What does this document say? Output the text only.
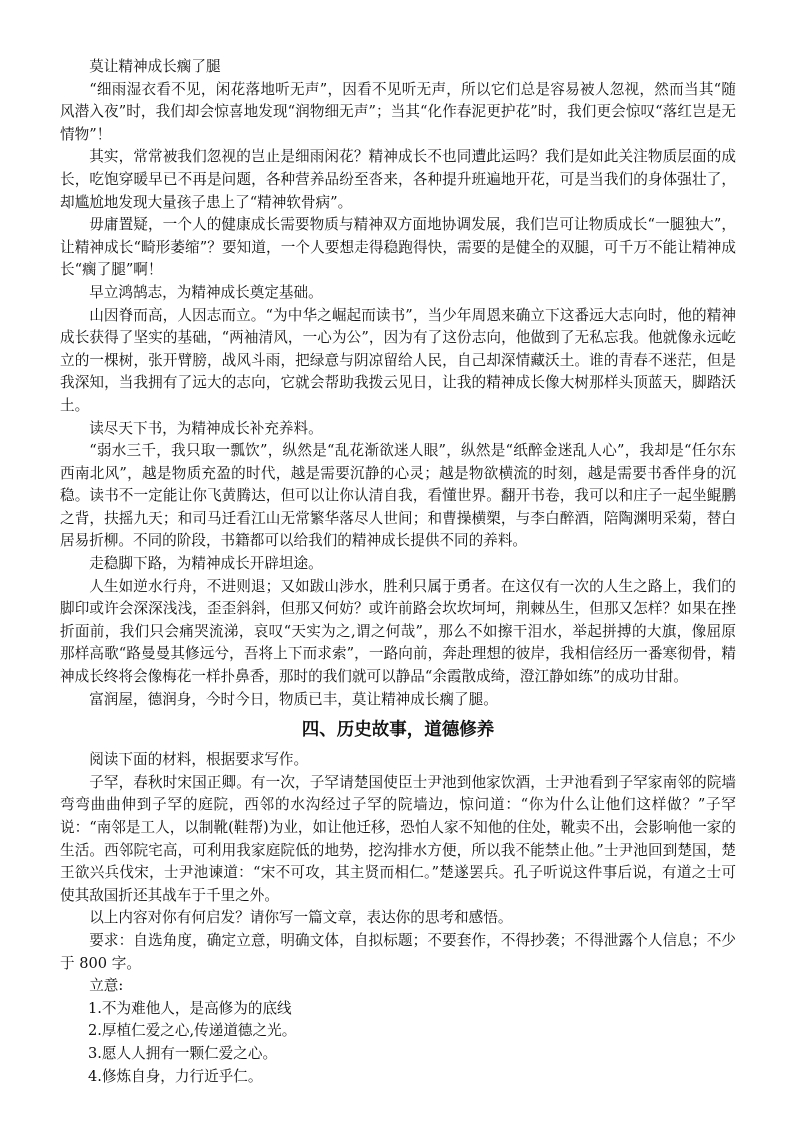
莫让精神成长瘸了腿

“细雨湿衣看不见，闲花落地听无声”，因看不见听无声，所以它们总是容易被人忽视，然而当其“随风潜入夜”时，我们却会惊喜地发现“润物细无声”；当其“化作春泥更护花”时，我们更会惊叹“落红岂是无情物”！

其实，常常被我们忽视的岂止是细雨闲花？精神成长不也同遭此运吗？我们是如此关注物质层面的成长，吃饱穿暖早已不再是问题，各种营养品纷至沓来，各种提升班遍地开花，可是当我们的身体强壮了，却尴尬地发现大量孩子患上了“精神软骨病”。

毋庸置疑，一个人的健康成长需要物质与精神双方面地协调发展，我们岂可让物质成长“一腿独大”，让精神成长“畸形萎缩”？要知道，一个人要想走得稳跑得快，需要的是健全的双腿，可千万不能让精神成长“瘸了腿”啊！

早立鸿鹄志，为精神成长奠定基础。

山因脊而高，人因志而立。“为中华之崛起而读书”，当少年周恩来确立下这番远大志向时，他的精神成长获得了坚实的基础，“两袖清风，一心为公”，因为有了这份志向，他做到了无私忘我。他就像永远屹立的一棵树，张开臂膀，战风斗雨，把绿意与阴凉留给人民，自己却深情藏沃土。谁的青春不迷茫，但是我深知，当我拥有了远大的志向，它就会帮助我拨云见日，让我的精神成长像大树那样头顶蓝天，脚踏沃土。

读尽天下书，为精神成长补充养料。

“弱水三千，我只取一瓢饮”，纵然是“乱花渐欲迷人眼”，纵然是“纸醉金迷乱人心”，我却是“任尔东西南北风”，越是物质充盈的时代，越是需要沉静的心灵；越是物欲横流的时刻，越是需要书香伴身的沉稳。读书不一定能让你飞黄腾达，但可以让你认清自我，看懂世界。翻开书卷，我可以和庄子一起坐鲲鹏之背，扶摇九天；和司马迁看江山无常繁华落尽人世间；和曹操横槊，与李白醉酒，陪陶渊明采菊，替白居易折柳。不同的阶段，书籍都可以给我们的精神成长提供不同的养料。

走稳脚下路，为精神成长开辟坦途。

人生如逆水行舟，不进则退；又如跋山涉水，胜利只属于勇者。在这仅有一次的人生之路上，我们的脚印或许会深深浅浅，歪歪斜斜，但那又何妨？或许前路会坎坎坷坷，荆棘丛生，但那又怎样？如果在挫折面前，我们只会痛哭流涕，哀叹“天实为之,谓之何哉”，那么不如擦干泪水，举起拼搏的大旗，像屈原那样高歌“路曼曼其修远兮，吾将上下而求索”，一路向前，奔赴理想的彼岸，我相信经历一番寒彻骨，精神成长终将会像梅花一样扑鼻香，那时的我们就可以静品“余霞散成绮，澄江静如练”的成功甘甜。

富润屋，德润身，今时今日，物质已丰，莫让精神成长瘸了腿。

四、历史故事，道德修养

阅读下面的材料，根据要求写作。

子罕，春秋时宋国正卿。有一次，子罕请楚国使臣士尹池到他家饮酒，士尹池看到子罕家南邻的院墙弯弯曲曲伸到子罕的庭院，西邻的水沟经过子罕的院墙边，惊问道：“你为什么让他们这样做？”子罕说：“南邻是工人，以制靴(鞋帮)为业，如让他迁移，恐怕人家不知他的住处，靴卖不出，会影响他一家的生活。西邻院宅高，可利用我家庭院低的地势，挖沟排水方便，所以我不能禁止他。”士尹池回到楚国，楚王欲兴兵伐宋，士尹池谏道：“宋不可攻，其主贤而相仁。”楚遂罢兵。孔子听说这件事后说，有道之士可使其敌国折还其战车于千里之外。

以上内容对你有何启发？请你写一篇文章，表达你的思考和感悟。

要求：自选角度，确定立意，明确文体，自拟标题；不要套作，不得抄袭；不得泄露个人信息；不少于 800 字。

立意:

1.不为难他人，是高修为的底线

2.厚植仁爱之心,传递道德之光。

3.愿人人拥有一颗仁爱之心。

4.修炼自身，力行近乎仁。
